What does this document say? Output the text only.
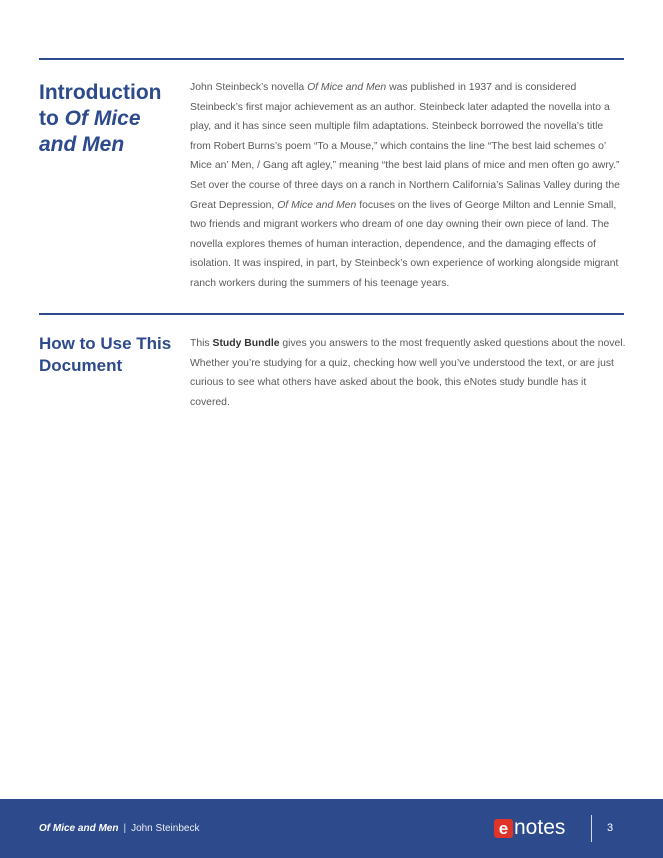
Introduction
to Of Mice and Men
John Steinbeck’s novella Of Mice and Men was published in 1937 and is considered Steinbeck’s first major achievement as an author. Steinbeck later adapted the novella into a play, and it has since seen multiple film adaptations. Steinbeck borrowed the novella’s title from Robert Burns’s poem “To a Mouse,” which contains the line “The best laid schemes o’ Mice an’ Men, / Gang aft agley,” meaning “the best laid plans of mice and men often go awry.” Set over the course of three days on a ranch in Northern California’s Salinas Valley during the Great Depression, Of Mice and Men focuses on the lives of George Milton and Lennie Small, two friends and migrant workers who dream of one day owning their own piece of land. The novella explores themes of human interaction, dependence, and the damaging effects of isolation. It was inspired, in part, by Steinbeck’s own experience of working alongside migrant ranch workers during the summers of his teenage years.
How to Use This Document
This Study Bundle gives you answers to the most frequently asked questions about the novel. Whether you’re studying for a quiz, checking how well you’ve understood the text, or are just curious to see what others have asked about the book, this eNotes study bundle has it covered.
Of Mice and Men | John Steinbeck	e notes	3
